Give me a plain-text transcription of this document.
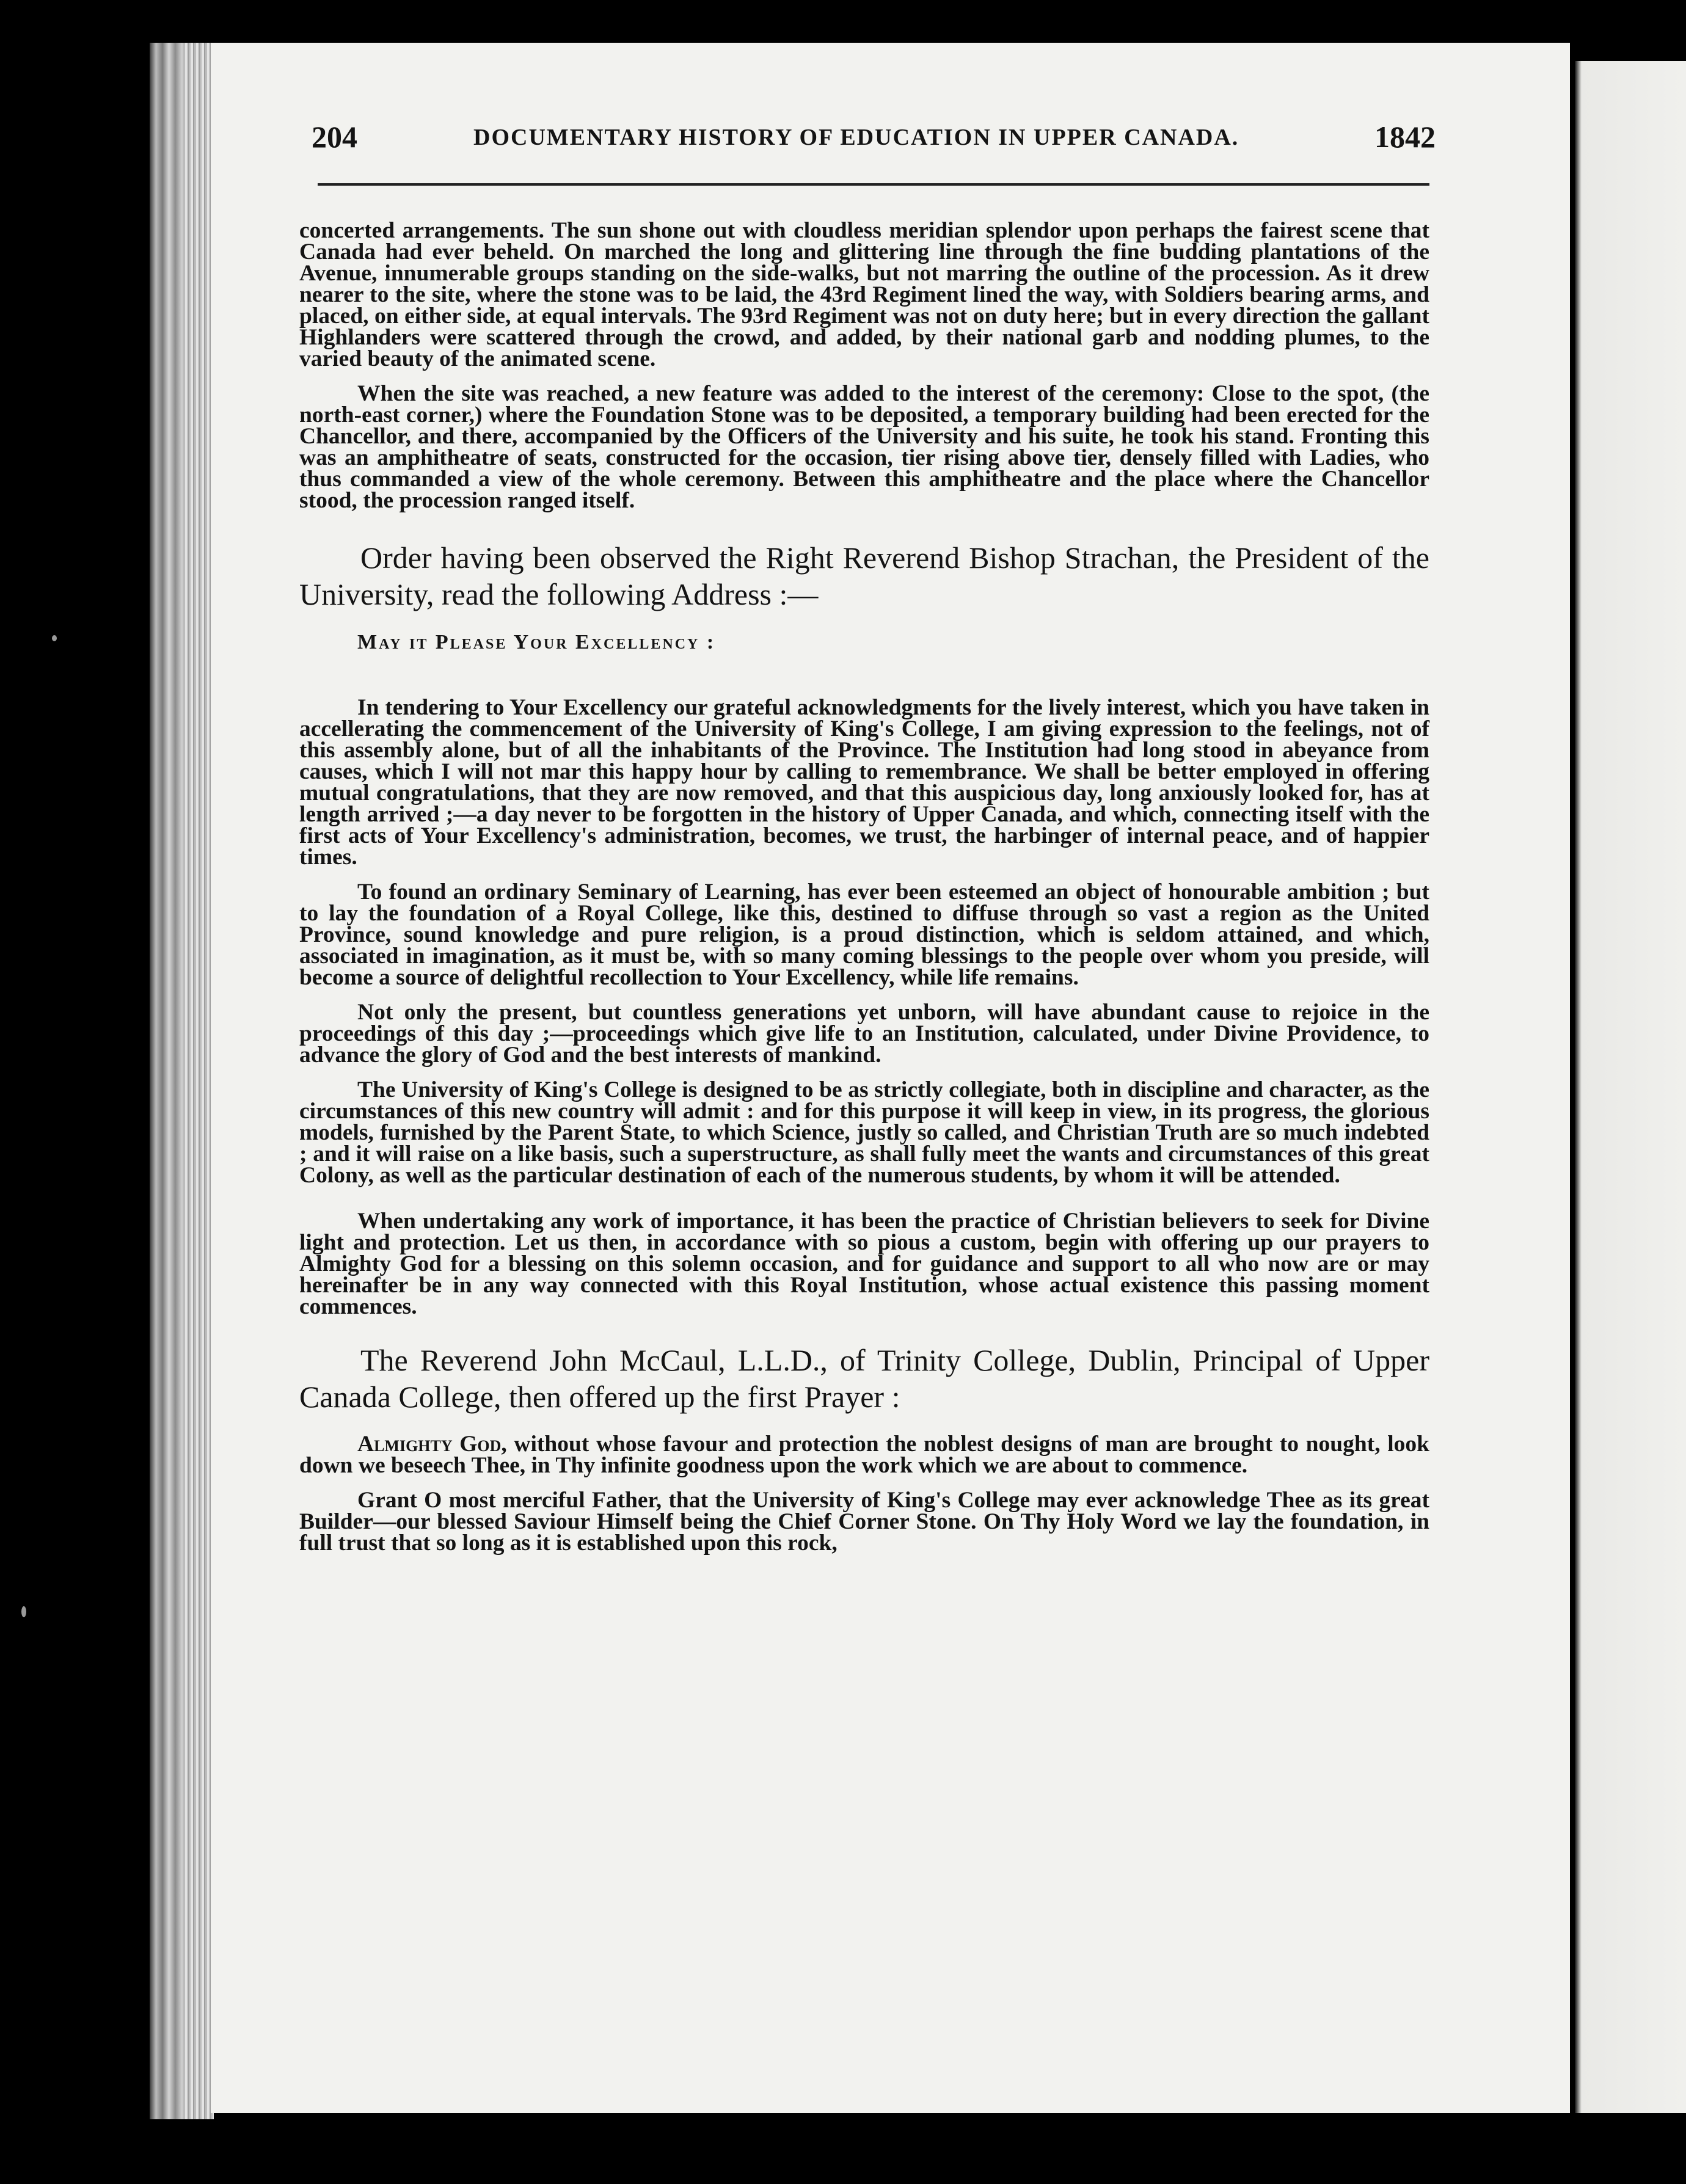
204	DOCUMENTARY HISTORY OF EDUCATION IN UPPER CANADA.	1842

concerted arrangements. The sun shone out with cloudless meridian splendor upon perhaps the fairest scene that Canada had ever beheld. On marched the long and glittering line through the fine budding plantations of the Avenue, innumerable groups standing on the side-walks, but not marring the outline of the procession. As it drew nearer to the site, where the stone was to be laid, the 43rd Regiment lined the way, with Soldiers bearing arms, and placed, on either side, at equal intervals. The 93rd Regiment was not on duty here; but in every direction the gallant Highlanders were scattered through the crowd, and added, by their national garb and nodding plumes, to the varied beauty of the animated scene.

When the site was reached, a new feature was added to the interest of the ceremony: Close to the spot, (the north-east corner,) where the Foundation Stone was to be deposited, a temporary building had been erected for the Chancellor, and there, accompanied by the Officers of the University and his suite, he took his stand. Fronting this was an amphitheatre of seats, constructed for the occasion, tier rising above tier, densely filled with Ladies, who thus commanded a view of the whole ceremony. Between this amphitheatre and the place where the Chancellor stood, the procession ranged itself.

Order having been observed the Right Reverend Bishop Strachan, the President of the University, read the following Address :—

May it Please Your Excellency :

In tendering to Your Excellency our grateful acknowledgments for the lively interest, which you have taken in accellerating the commencement of the University of King's College, I am giving expression to the feelings, not of this assembly alone, but of all the inhabitants of the Province. The Institution had long stood in abeyance from causes, which I will not mar this happy hour by calling to remembrance. We shall be better employed in offering mutual congratulations, that they are now removed, and that this auspicious day, long anxiously looked for, has at length arrived ;—a day never to be forgotten in the history of Upper Canada, and which, connecting itself with the first acts of Your Excellency's administration, becomes, we trust, the harbinger of internal peace, and of happier times.

To found an ordinary Seminary of Learning, has ever been esteemed an object of honourable ambition ; but to lay the foundation of a Royal College, like this, destined to diffuse through so vast a region as the United Province, sound knowledge and pure religion, is a proud distinction, which is seldom attained, and which, associated in imagination, as it must be, with so many coming blessings to the people over whom you preside, will become a source of delightful recollection to Your Excellency, while life remains.

Not only the present, but countless generations yet unborn, will have abundant cause to rejoice in the proceedings of this day ;—proceedings which give life to an Institution, calculated, under Divine Providence, to advance the glory of God and the best interests of mankind.

The University of King's College is designed to be as strictly collegiate, both in discipline and character, as the circumstances of this new country will admit : and for this purpose it will keep in view, in its progress, the glorious models, furnished by the Parent State, to which Science, justly so called, and Christian Truth are so much indebted ; and it will raise on a like basis, such a superstructure, as shall fully meet the wants and circumstances of this great Colony, as well as the particular destination of each of the numerous students, by whom it will be attended.

When undertaking any work of importance, it has been the practice of Christian believers to seek for Divine light and protection. Let us then, in accordance with so pious a custom, begin with offering up our prayers to Almighty God for a blessing on this solemn occasion, and for guidance and support to all who now are or may hereinafter be in any way connected with this Royal Institution, whose actual existence this passing moment commences.

The Reverend John McCaul, L.L.D., of Trinity College, Dublin, Principal of Upper Canada College, then offered up the first Prayer :

Almighty God, without whose favour and protection the noblest designs of man are brought to nought, look down we beseech Thee, in Thy infinite goodness upon the work which we are about to commence.

Grant O most merciful Father, that the University of King's College may ever acknowledge Thee as its great Builder—our blessed Saviour Himself being the Chief Corner Stone. On Thy Holy Word we lay the foundation, in full trust that so long as it is established upon this rock,
